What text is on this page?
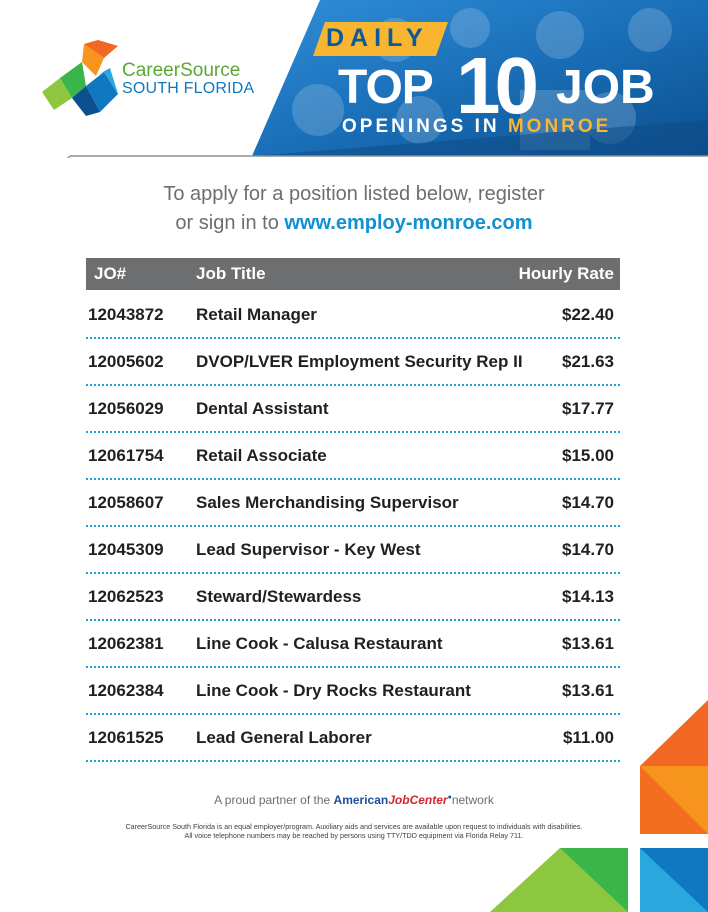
CareerSource
SOUTH FLORIDA
DAILY
TOP 10 JOB
OPENINGS IN MONROE
To apply for a position listed below, register
or sign in to www.employ-monroe.com
JO#	Job Title	Hourly Rate
12043872 Retail Manager	$22.40
12005602 DVOP/LVER Employment Security Rep II $21.63
12056029 Dental Assistant	$17.77
12061754 Retail Associate	$15.00
12058607 Sales Merchandising Supervisor	$14.70
12045309 Lead Supervisor - Key West	$14.70
12062523 Steward/Stewardess	$14.13
12062381 Line Cook - Calusa Restaurant	$13.61
12062384 Line Cook - Dry Rocks Restaurant	$13.61
12061525 Lead General Laborer	$11.00
A proud partner of the AmericanJobCenter●network
CareerSource South Florida is an equal employer/program. Auxiliary aids and services are available upon request to individuals with disabilities.
All voice telephone numbers may be reached by persons using TTY/TDD equipment via Florida Relay 711.
